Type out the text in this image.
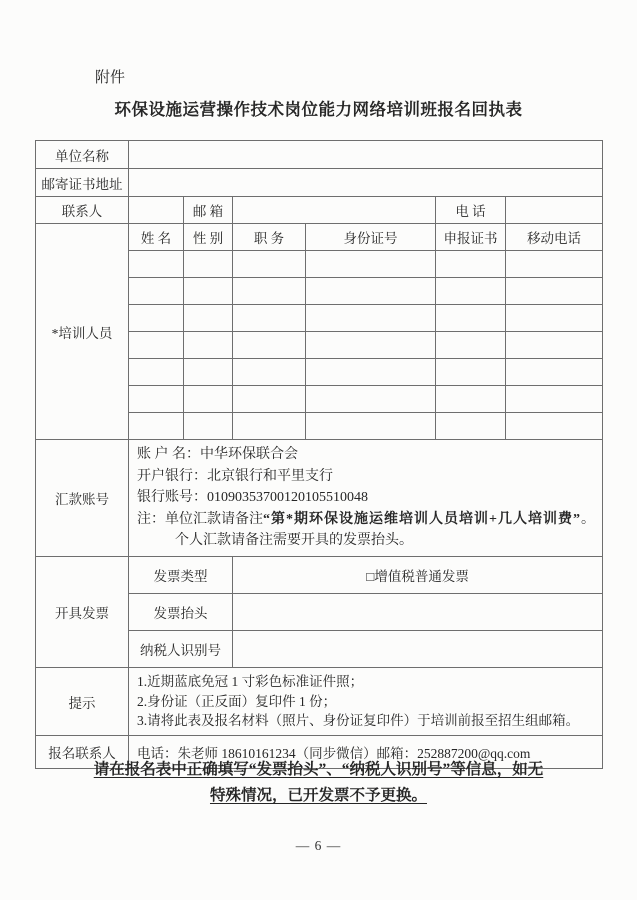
附件
环保设施运营操作技术岗位能力网络培训班报名回执表
单位名称						
邮寄证书地址						
联系人		邮 箱			电 话	
*培训人员	姓 名	性 别	职 务	身份证号	申报证书	移动电话

汇款账号	账 户 名：中华环保联合会
开户银行：北京银行和平里支行
银行账号：01090353700120105510048
注：单位汇款请备注“第*期环保设施运维培训人员培训+几人培训费”。
个人汇款请备注需要开具的发票抬头。					

开具发票	发票类型		□增值税普通发票			
	发票抬头					
	纳税人识别号					
提示	1.近期蓝底免冠 1 寸彩色标准证件照；
2.身份证（正反面）复印件 1 份；
3.请将此表及报名材料（照片、身份证复印件）于培训前报至招生组邮箱。					

报名联系人	电话：朱老师 18610161234（同步微信）邮箱：252887200@qq.com					
请在报名表中正确填写“发票抬头”、“纳税人识别号”等信息，如无
特殊情况，已开发票不予更换。
— 6 —
